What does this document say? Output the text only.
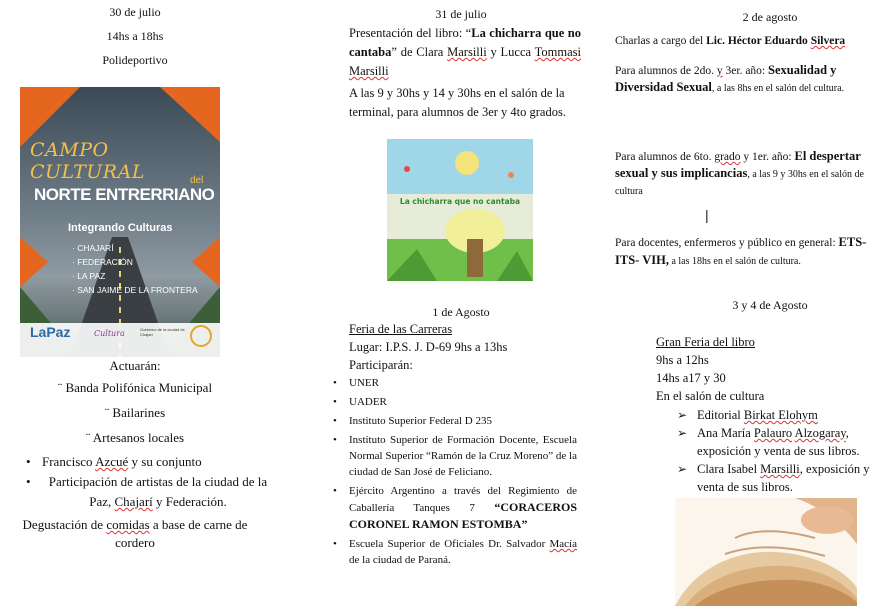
30 de julio
14hs a 18hs
Polideportivo
CAMPO CULTURAL	del
NORTE ENTRERRIANO
Integrando Culturas
· CHAJARÍ
· FEDERACIÓN
· LA PAZ
· SAN JAIME DE LA FRONTERA
LaPaz	Cultura	Gobierno de la ciudad de Chajarí
Actuarán:
¨ Banda Polifónica Municipal
¨ Bailarines
¨ Artesanos locales
• Francisco Azcué y su conjunto
• Participación de artistas de la ciudad de la Paz, Chajarí y Federación.
Degustación de comidas a base de carne de cordero
31 de julio
Presentación del libro: “La chicharra que no cantaba” de Clara Marsilli y Lucca Tommasi Marsilli
A las 9 y 30hs y 14 y 30hs en el salón de la terminal, para alumnos de 3er y 4to grados.
La chicharra que no cantaba
1 de Agosto
Feria de las Carreras
Lugar: I.P.S. J. D-69 9hs a 13hs
Participarán:
• UNER
• UADER
• Instituto Superior Federal D 235
• Instituto Superior de Formación Docente, Escuela Normal Superior “Ramón de la Cruz Moreno” de la ciudad de San José de Feliciano.
• Ejército Argentino a través del Regimiento de Caballería Tanques 7 “CORACEROS CORONEL RAMON ESTOMBA”
• Escuela Superior de Oficiales Dr. Salvador Macía de la ciudad de Paraná.
2 de agosto
Charlas a cargo del Lic. Héctor Eduardo Silvera
Para alumnos de 2do. y 3er. año: Sexualidad y Diversidad Sexual, a las 8hs en el salón del cultura.
Para alumnos de 6to. grado y 1er. año: El despertar sexual y sus implicancias, a las 9 y 30hs en el salón de cultura
|
Para docentes, enfermeros y público en general: ETS- ITS- VIH, a las 18hs en el salón de cultura.
3 y 4 de Agosto
Gran Feria del libro
9hs a 12hs
14hs a17 y 30
En el salón de cultura
➢ Editorial Birkat Elohym
➢ Ana María Palauro Alzogaray, exposición y venta de sus libros.
➢ Clara Isabel Marsilli, exposición y venta de sus libros.
